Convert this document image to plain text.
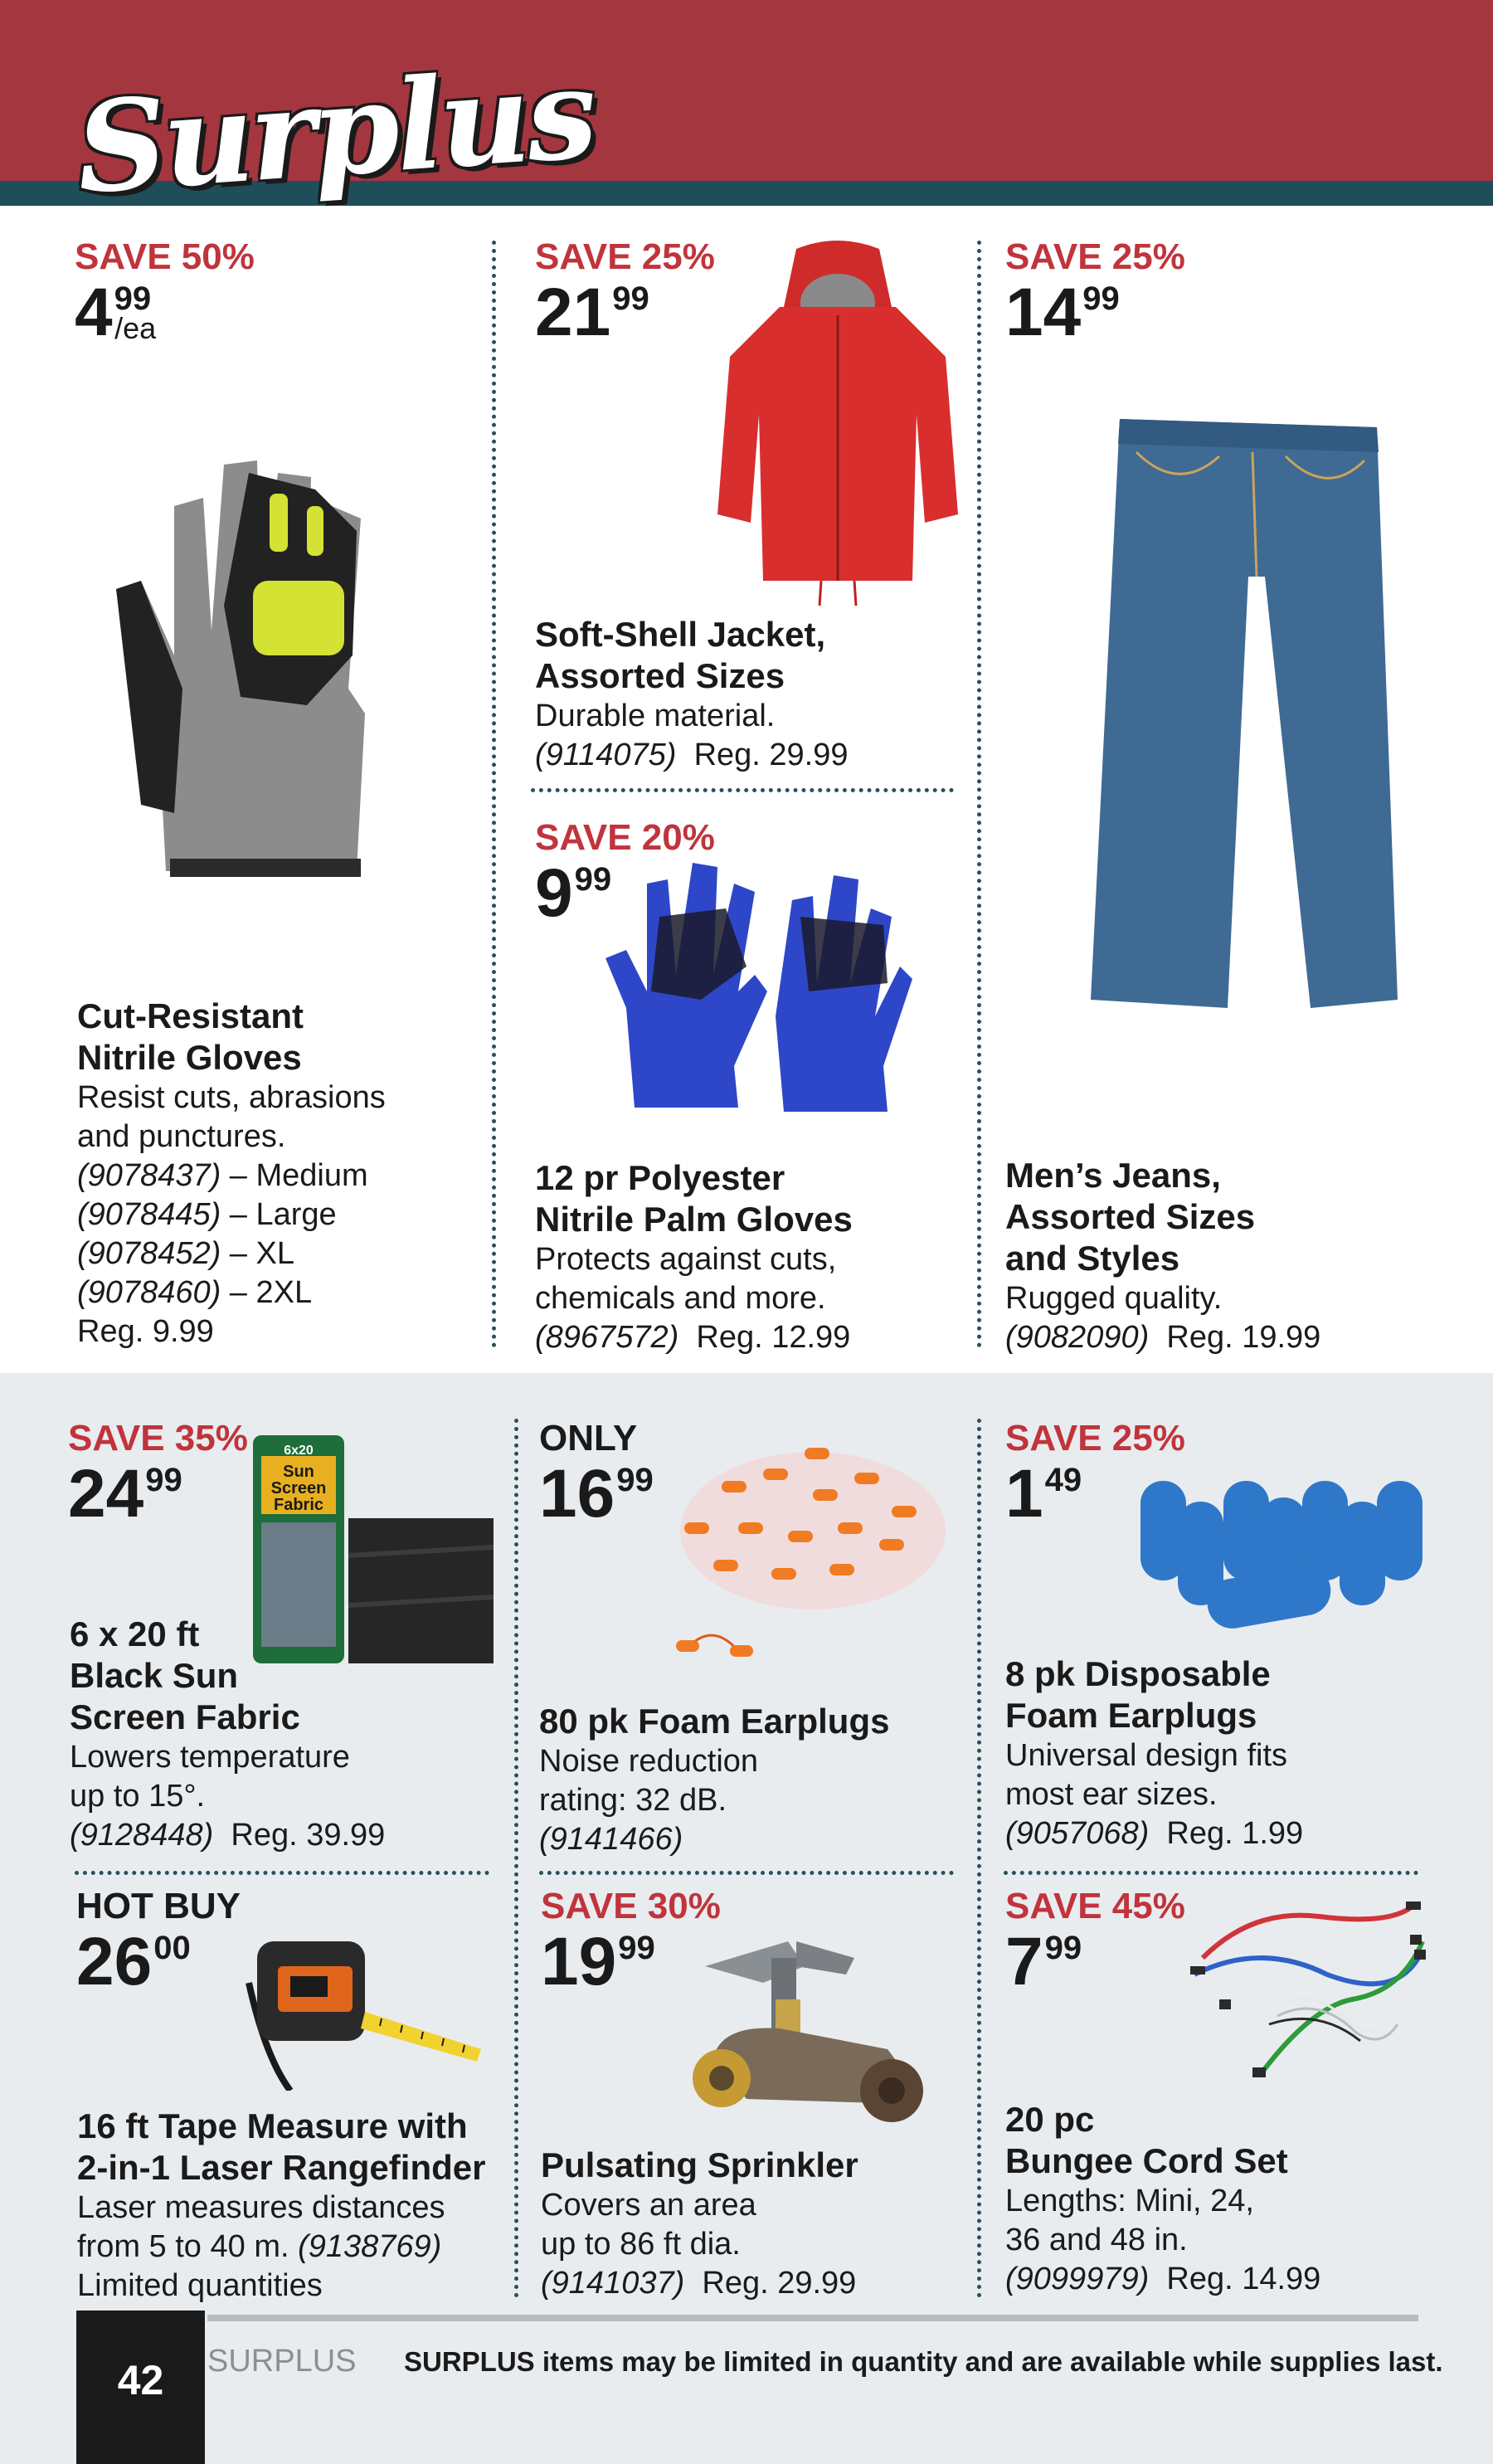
Surplus
SAVE 50%
$4^{99}/ea$
MAXA
Cut-Resistant
Nitrile Gloves
Resist cuts, abrasions
and punctures.
(9078437) – Medium
(9078445) – Large
(9078452) – XL
(9078460) – 2XL
Reg. 9.99
SAVE 25%
$21^{99}$
Soft-Shell Jacket,
Assorted Sizes
Durable material.
(9114075) Reg. 29.99
SAVE 20%
$9^{99}$
12 pr Polyester
Nitrile Palm Gloves
Protects against cuts,
chemicals and more.
(8967572) Reg. 12.99
SAVE 25%
$14^{99}$
Men’s Jeans,
Assorted Sizes
and Styles
Rugged quality.
(9082090) Reg. 19.99
SAVE 35%
$24^{99}$
6x20
Sun
Screen
Fabric
6 x 20 ft
Black Sun
Screen Fabric
Lowers temperature
up to 15°.
(9128448) Reg. 39.99
ONLY
$16^{99}$
80 pk Foam Earplugs
Noise reduction
rating: 32 dB.
(9141466)
SAVE 25%
$1^{49}$
8 pk Disposable
Foam Earplugs
Universal design fits
most ear sizes.
(9057068) Reg. 1.99
HOT BUY
$26^{00}$
16 ft Tape Measure with
2-in-1 Laser Rangefinder
Laser measures distances
from 5 to 40 m. (9138769)
Limited quantities
SAVE 30%
$19^{99}$
Pulsating Sprinkler
Covers an area
up to 86 ft dia.
(9141037) Reg. 29.99
SAVE 45%
$7^{99}$
20 pc
Bungee Cord Set
Lengths: Mini, 24,
36 and 48 in.
(9099979) Reg. 14.99
42	SURPLUS SURPLUS items may be limited in quantity and are available while supplies last.
